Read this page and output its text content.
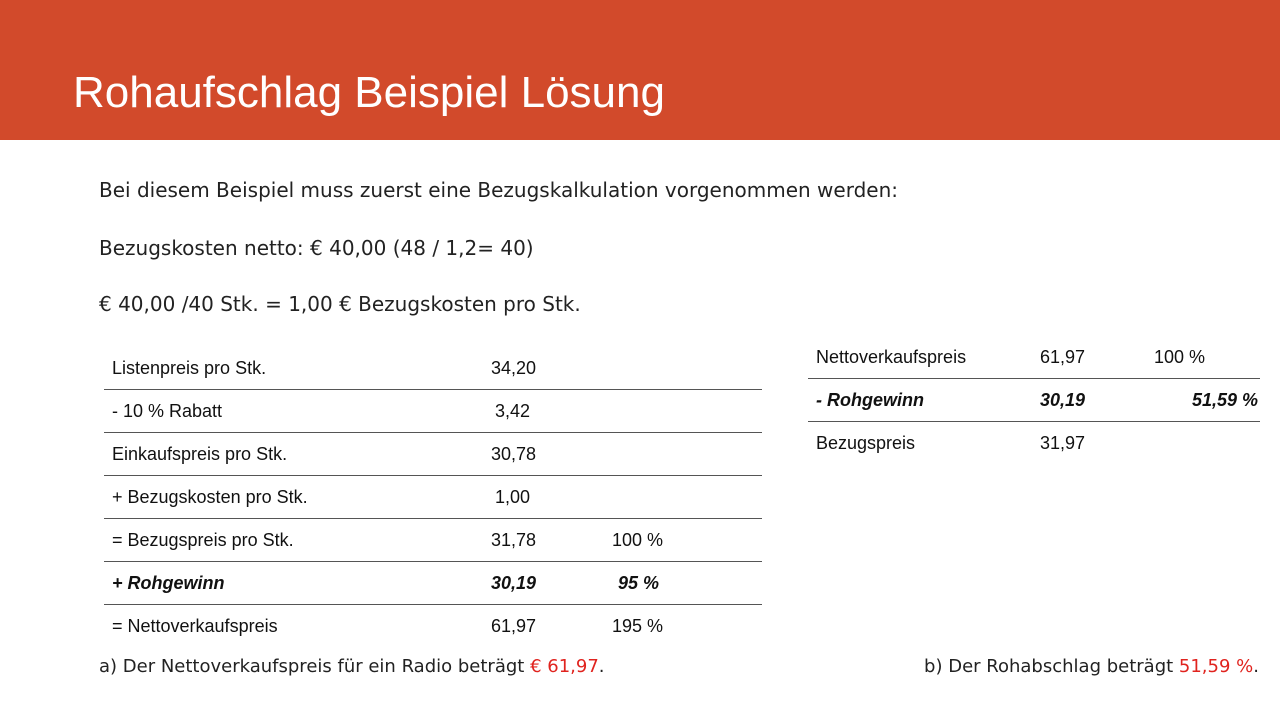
Rohaufschlag Beispiel Lösung
Bei diesem Beispiel muss zuerst eine Bezugskalkulation vorgenommen werden:
Bezugskosten netto: € 40,00 (48 / 1,2= 40)
€ 40,00 /40 Stk. = 1,00 € Bezugskosten pro Stk.
Listenpreis pro Stk.	34,20	
- 10 % Rabatt	3,42	
Einkaufspreis pro Stk.	30,78	
+ Bezugskosten pro Stk.	1,00	
= Bezugspreis pro Stk.	31,78	100 %
+ Rohgewinn	30,19	95 %
= Nettoverkaufspreis	61,97	195 %
Nettoverkaufspreis	61,97	100 %
- Rohgewinn	30,19	51,59 %
Bezugspreis	31,97	
a) Der Nettoverkaufspreis für ein Radio beträgt € 61,97.	b) Der Rohabschlag beträgt 51,59 %.
